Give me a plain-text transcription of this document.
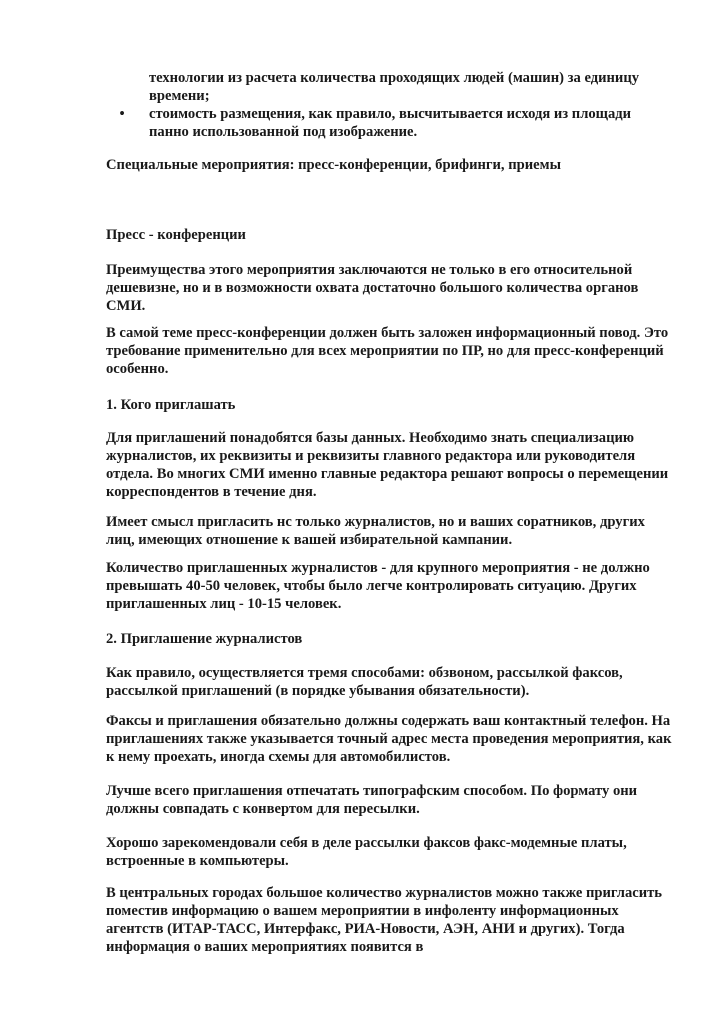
технологии из расчета количества проходящих людей (машин) за единицу
времени;
•	стоимость размещения, как правило, высчитывается исходя из площади
панно использованной под изображение.

Специальные мероприятия: пресс-конференции, брифинги, приемы

Пресс - конференции

Преимущества этого мероприятия заключаются не только в его относительной
дешевизне, но и в возможности охвата достаточно большого количества органов
СМИ.

В самой теме пресс-конференции должен быть заложен информационный повод. Это
требование применительно для всех мероприятии по ПР, но для пресс-конференций
особенно.

1. Кого приглашать

Для приглашений понадобятся базы данных. Необходимо знать специализацию
журналистов, их реквизиты и реквизиты главного редактора или руководителя
отдела. Во многих СМИ именно главные редактора решают вопросы о перемещении
корреспондентов в течение дня.

Имеет смысл пригласить нс только журналистов, но и ваших соратников, других
лиц, имеющих отношение к вашей избирательной кампании.

Количество приглашенных журналистов - для крупного мероприятия - не должно
превышать 40-50 человек, чтобы было легче контролировать ситуацию. Других
приглашенных лиц - 10-15 человек.

2. Приглашение журналистов

Как правило, осуществляется тремя способами: обзвоном, рассылкой факсов,
рассылкой приглашений (в порядке убывания обязательности).

Факсы и приглашения обязательно должны содержать ваш контактный телефон. На
приглашениях также указывается точный адрес места проведения мероприятия, как
к нему проехать, иногда схемы для автомобилистов.

Лучше всего приглашения отпечатать типографским способом. По формату они
должны совпадать с конвертом для пересылки.

Хорошо зарекомендовали себя в деле рассылки факсов факс-модемные платы,
встроенные в компьютеры.

В центральных городах большое количество журналистов можно также пригласить
поместив информацию о вашем мероприятии в инфоленту информационных
агентств (ИТАР-ТАСС, Интерфакс, РИА-Новости, АЭН, АНИ и других). Тогда
информация о ваших мероприятиях появится в
